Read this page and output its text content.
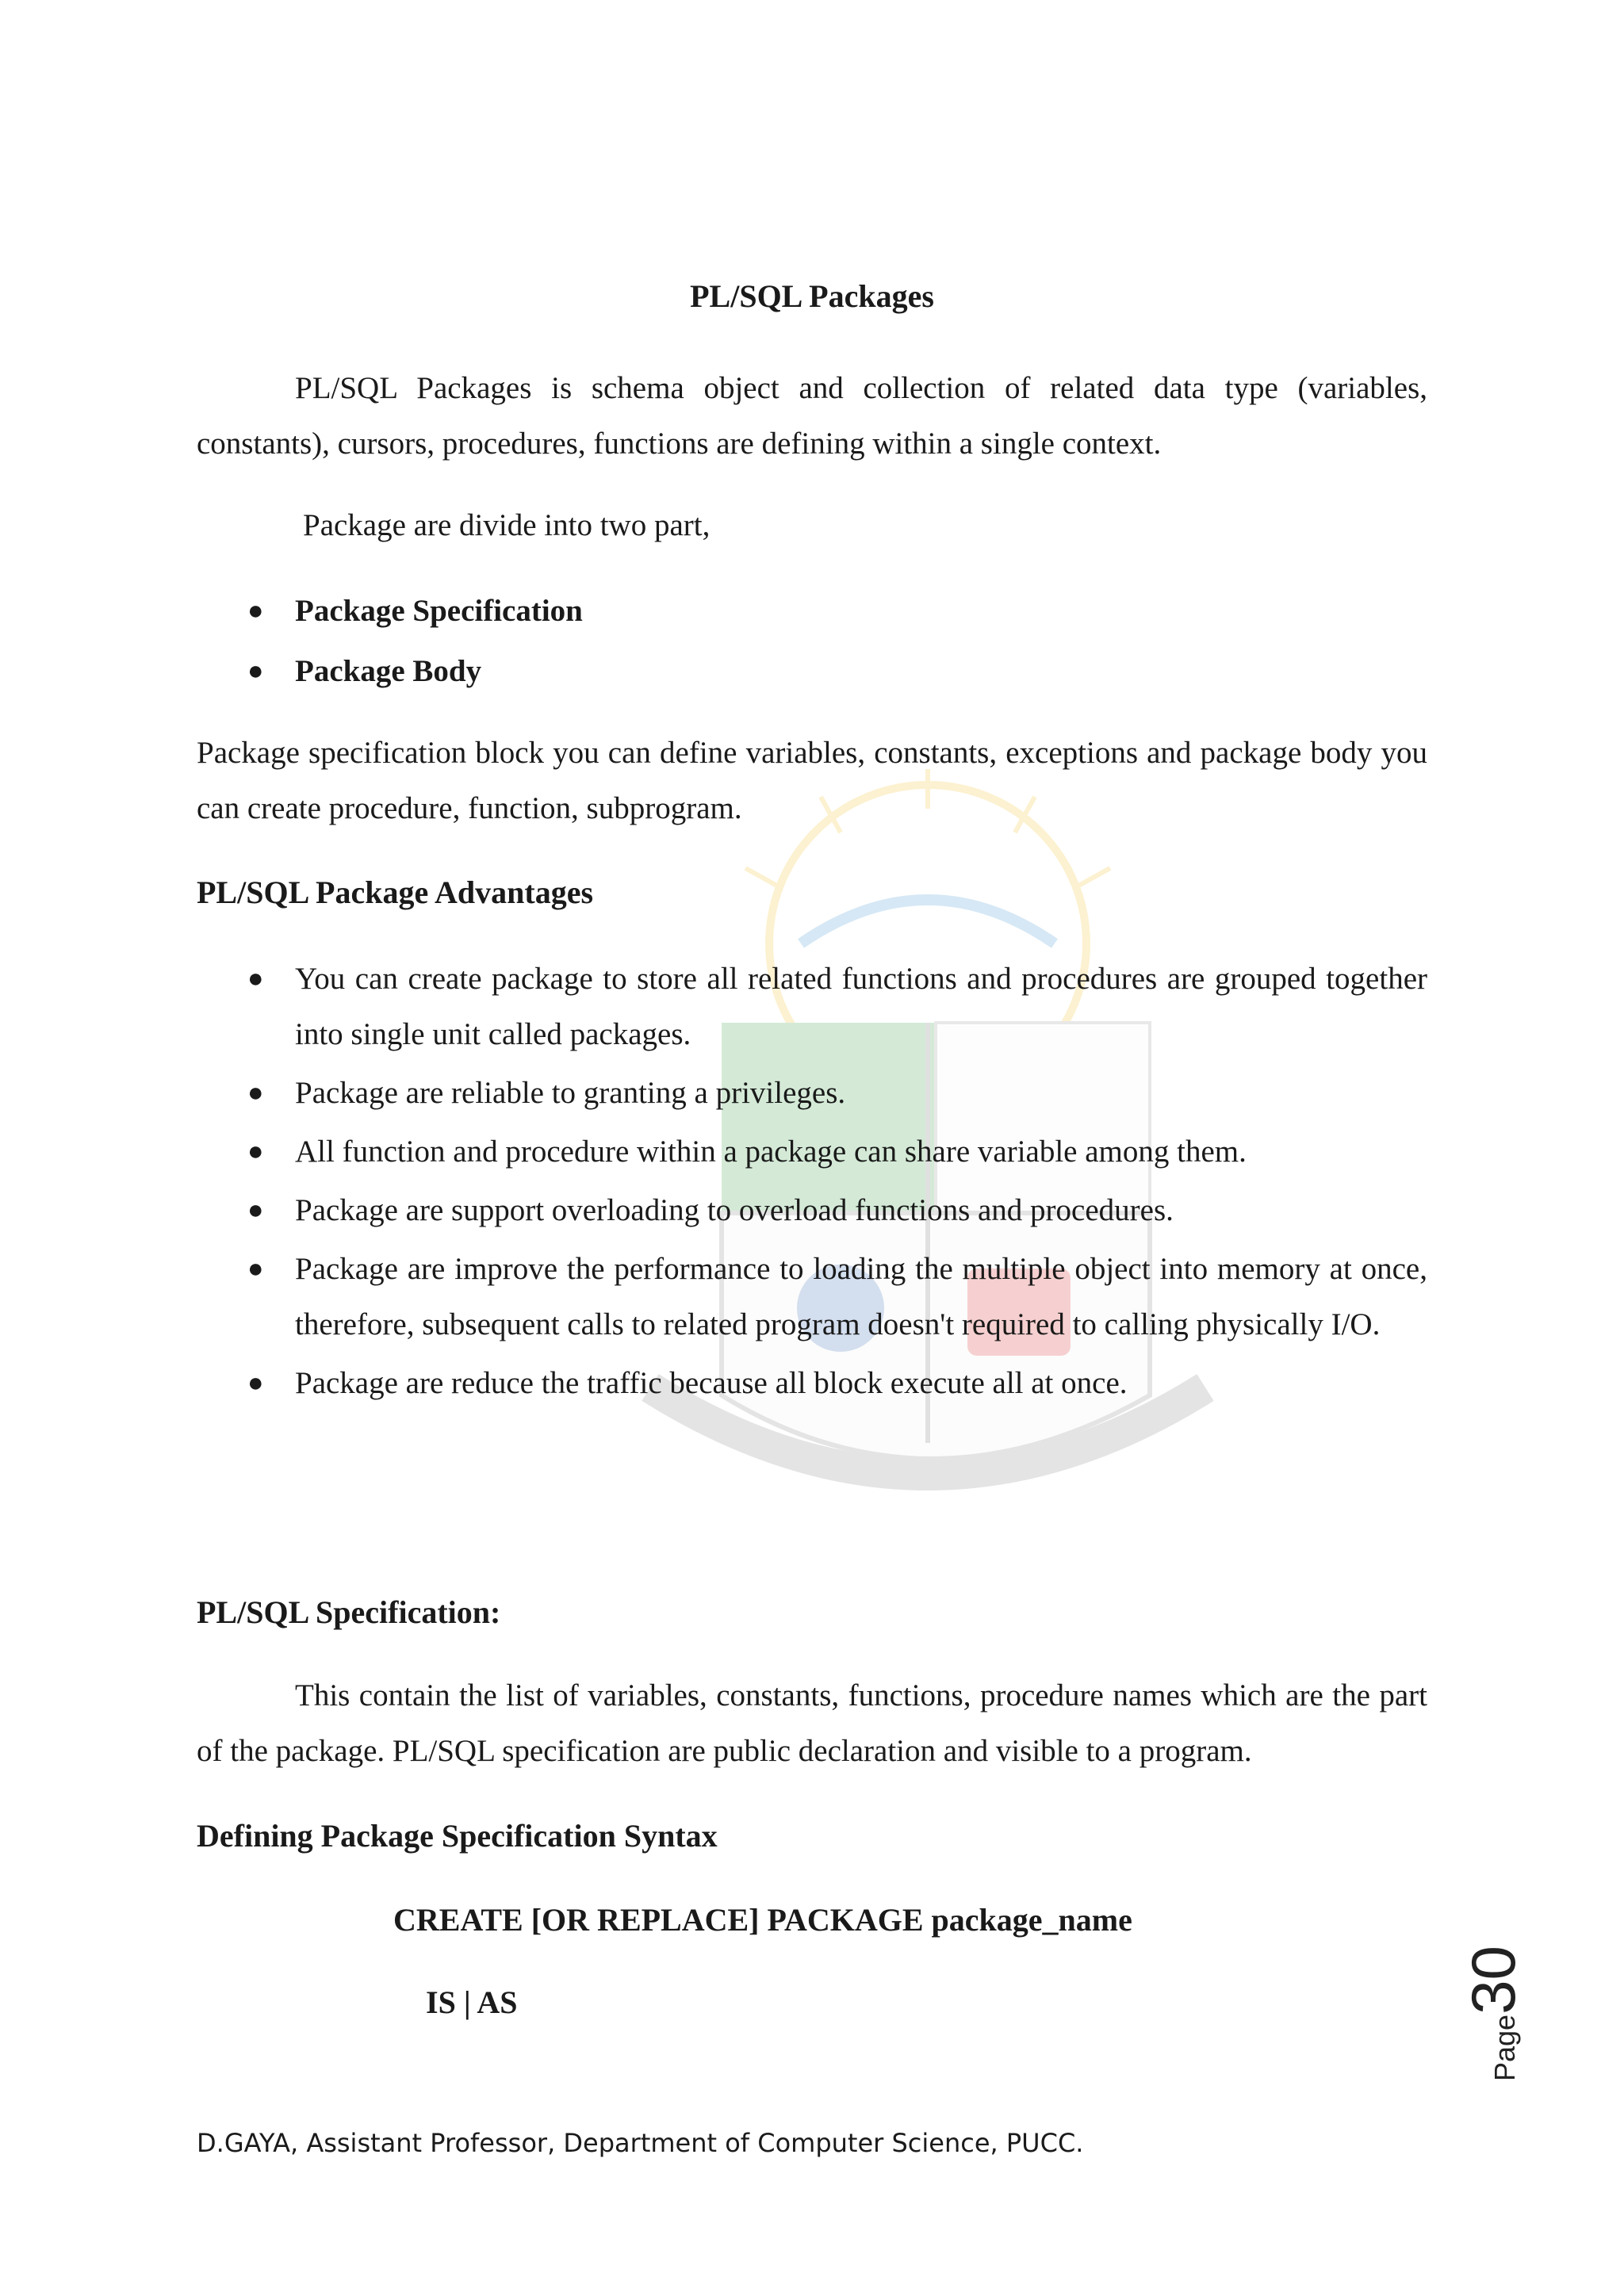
PL/SQL Packages

PL/SQL Packages is schema object and collection of related data type (variables, constants), cursors, procedures, functions are defining within a single context.

Package are divide into two part,

● Package Specification
● Package Body

Package specification block you can define variables, constants, exceptions and package body you can create procedure, function, subprogram.

PL/SQL Package Advantages
● You can create package to store all related functions and procedures are grouped together into single unit called packages.
● Package are reliable to granting a privileges.
● All function and procedure within a package can share variable among them.
● Package are support overloading to overload functions and procedures.
● Package are improve the performance to loading the multiple object into memory at once, therefore, subsequent calls to related program doesn't required to calling physically I/O.
● Package are reduce the traffic because all block execute all at once.
PL/SQL Specification:

This contain the list of variables, constants, functions, procedure names which are the part of the package. PL/SQL specification are public declaration and visible to a program.

Defining Package Specification Syntax
CREATE [OR REPLACE] PACKAGE package_name
IS | AS
Page30
D.GAYA, Assistant Professor, Department of Computer Science, PUCC.
